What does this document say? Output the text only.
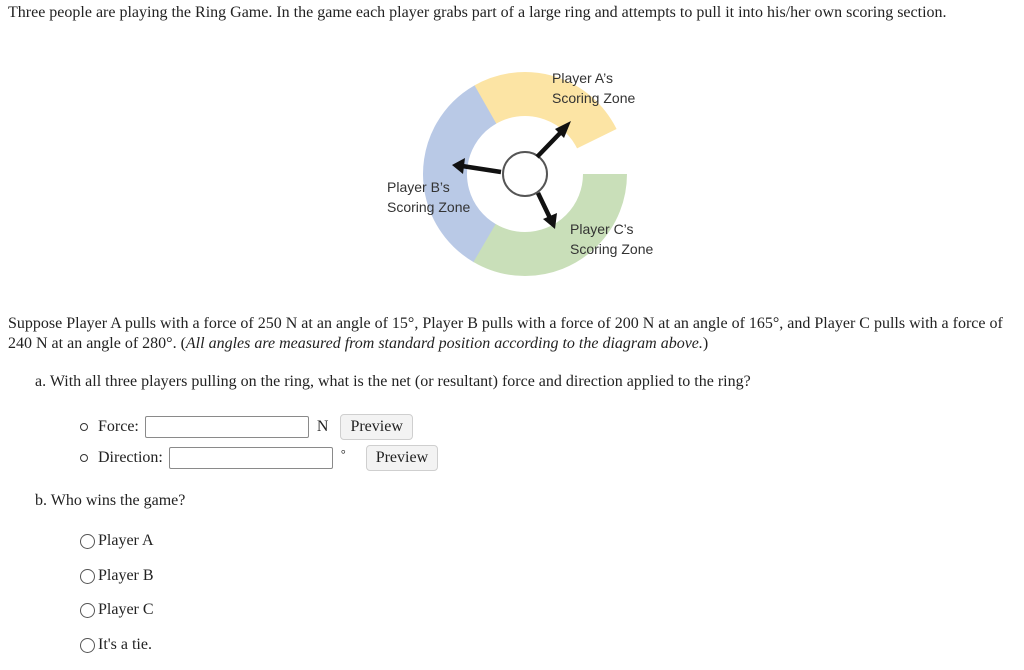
Three people are playing the Ring Game. In the game each player grabs part of a large ring and attempts to pull it into his/her own scoring section.

Player A’s
Scoring Zone
Player B’s
Scoring Zone
Player C’s
Scoring Zone

Suppose Player A pulls with a force of 250 N at an angle of 15°, Player B pulls with a force of 200 N at an angle of 165°, and Player C pulls with a force of 240 N at an angle of 280°. (All angles are measured from standard position according to the diagram above.)

a. With all three players pulling on the ring, what is the net (or resultant) force and direction applied to the ring?

Force:	N	Preview
Direction:	°	Preview

b. Who wins the game?

Player A
Player B
Player C
It's a tie.
